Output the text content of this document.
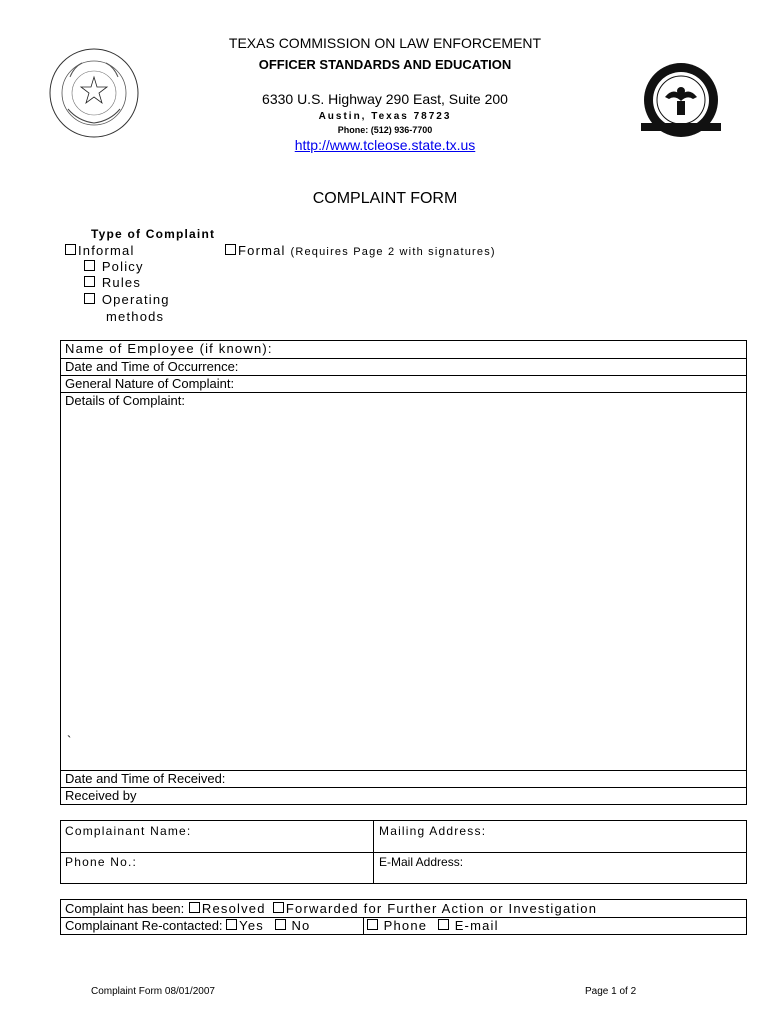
TEXAS COMMISSION ON LAW ENFORCEMENT
OFFICER STANDARDS AND EDUCATION
6330 U.S. Highway 290 East, Suite 200
Austin, Texas 78723
Phone: (512) 936-7700
http://www.tcleose.state.tx.us
COMPLAINT FORM
Type of Complaint
Informal	Formal (Requires Page 2 with signatures)
Policy
Rules
Operating
methods
Name of Employee (if known):
Date and Time of Occurrence:
General Nature of Complaint:
Details of Complaint:
`
Date and Time of Received:
Received by
Complainant Name:	Mailing Address:
Phone No.:	E-Mail Address:
Complaint has been: Resolved Forwarded for Further Action or Investigation
Complainant Re-contacted: Yes No	Phone E-mail
Complaint Form 08/01/2007	Page 1 of 2
